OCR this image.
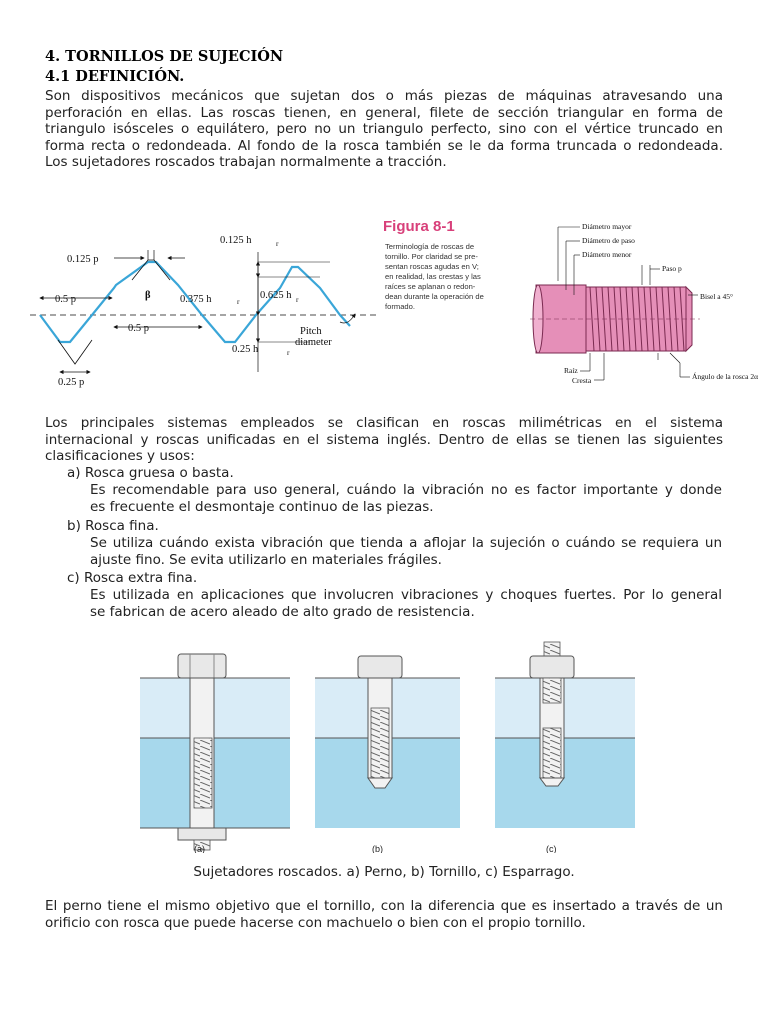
4. TORNILLOS DE SUJECIÓN
4.1 DEFINICIÓN.
Son dispositivos mecánicos que sujetan dos o más piezas de máquinas atravesando una
perforación en ellas. Las roscas tienen, en general, filete de sección triangular en forma de
triangulo isósceles o equilátero, pero no un triangulo perfecto, sino con el vértice truncado en
forma recta o redondeada. Al fondo de la rosca también se le da forma truncada o redondeada.
Los sujetadores roscados trabajan normalmente a tracción.
0.125 p
0.5 p
0.5 p
0.25 p
β
0.125 h
0.375 h	0.625 h
0.25 h
r
r	r
r
Pitch
diameter
Figura 8-1
Terminología de roscas de
tornillo. Por claridad se pre-
sentan roscas agudas en V;
en realidad, las crestas y las
raíces se aplanan o redon-
dean durante la operación de
formado.
Diámetro mayor
Diámetro de paso
Diámetro menor
Paso p
Bisel a 45°
Raíz
Cresta	Ángulo de la rosca 2α
Los principales sistemas empleados se clasifican en roscas milimétricas en el sistema
internacional y roscas unificadas en el sistema inglés. Dentro de ellas se tienen las siguientes
clasificaciones y usos:
a) Rosca gruesa o basta.
Es recomendable para uso general, cuándo la vibración no es factor importante y donde
es frecuente el desmontaje continuo de las piezas.
b) Rosca fina.
Se utiliza cuándo exista vibración que tienda a aflojar la sujeción o cuándo se requiera un
ajuste fino. Se evita utilizarlo en materiales frágiles.
c) Rosca extra fina.
Es utilizada en aplicaciones que involucren vibraciones y choques fuertes. Por lo general
se fabrican de acero aleado de alto grado de resistencia.
(a)	(b)	(c)
Sujetadores roscados. a) Perno, b) Tornillo, c) Esparrago.
El perno tiene el mismo objetivo que el tornillo, con la diferencia que es insertado a través de un
orificio con rosca que puede hacerse con machuelo o bien con el propio tornillo.
